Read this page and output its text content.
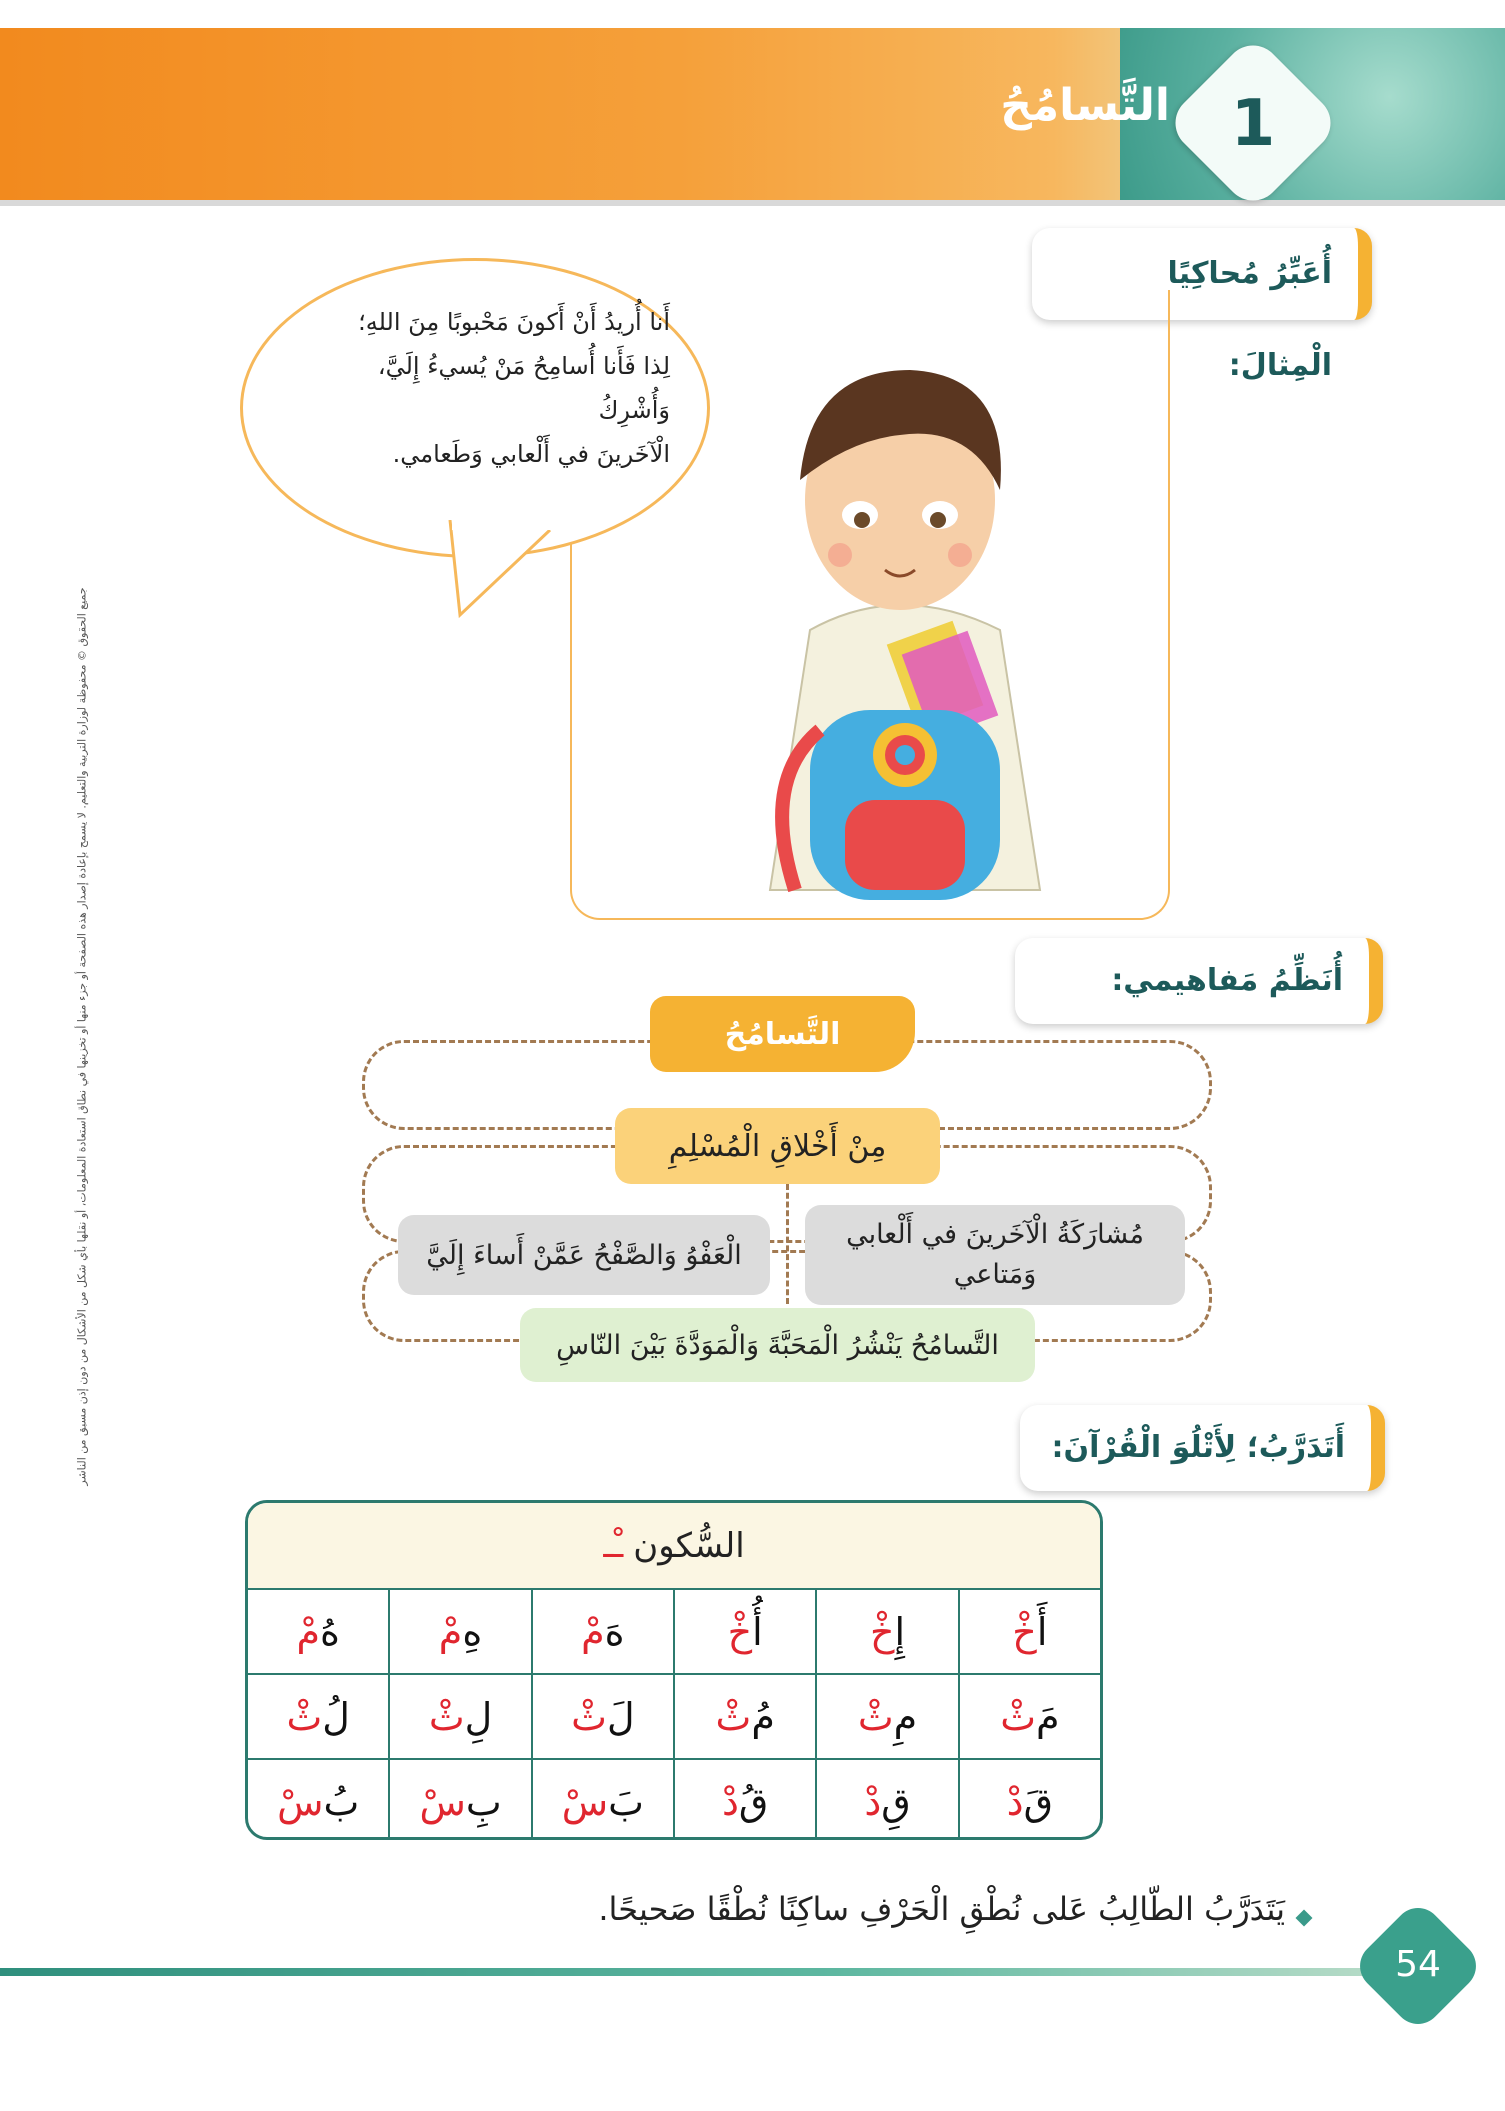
1
التَّسامُحُ
جميع الحقوق © محفوظة لوزارة التربية والتعليم. لا يسمح بإعادة إصدار هذه الصفحة أو جزء منها أو تخزينها في نطاق استعادة المعلومات، أو نقلها بأي شكل من الأشكال من دون إذن مسبق من الناشر
أُعَبِّرُ مُحاكِيًا الْمِثالَ:
أَنا أُريدُ أَنْ أَكونَ مَحْبوبًا مِنَ اللهِ؛
لِذا فَأَنا أُسامِحُ مَنْ يُسيءُ إِلَيَّ، وَأُشْرِكُ
الْآخَرينَ في أَلْعابي وَطَعامي.
أُنَظِّمُ مَفاهيمي:
التَّسامُحُ
مِنْ أَخْلاقِ الْمُسْلِمِ
مُشارَكَةُ الْآخَرينَ في أَلْعابي وَمَتاعي
الْعَفْوُ وَالصَّفْحُ عَمَّنْ أَساءَ إِلَيَّ
التَّسامُحُ يَنْشُرُ الْمَحَبَّةَ وَالْمَوَدَّةَ بَيْنَ النّاسِ
أَتَدَرَّبُ؛ لِأَتْلُوَ الْقُرْآنَ:
السُّكون
ـْـ
أَ
خْ
إِ
خْ
أُ
خْ
هَ
مْ
هِ
مْ
هُ
مْ
مَ
ثْ
مِ
ثْ
مُ
ثْ
لَ
ثْ
لِ
ثْ
لُ
ثْ
قَ
دْ
قِ
دْ
قُ
دْ
بَ
سْ
بِ
سْ
بُ
سْ
يَتَدَرَّبُ الطّالِبُ عَلى نُطْقِ الْحَرْفِ ساكِنًا نُطْقًا صَحيحًا.
54
